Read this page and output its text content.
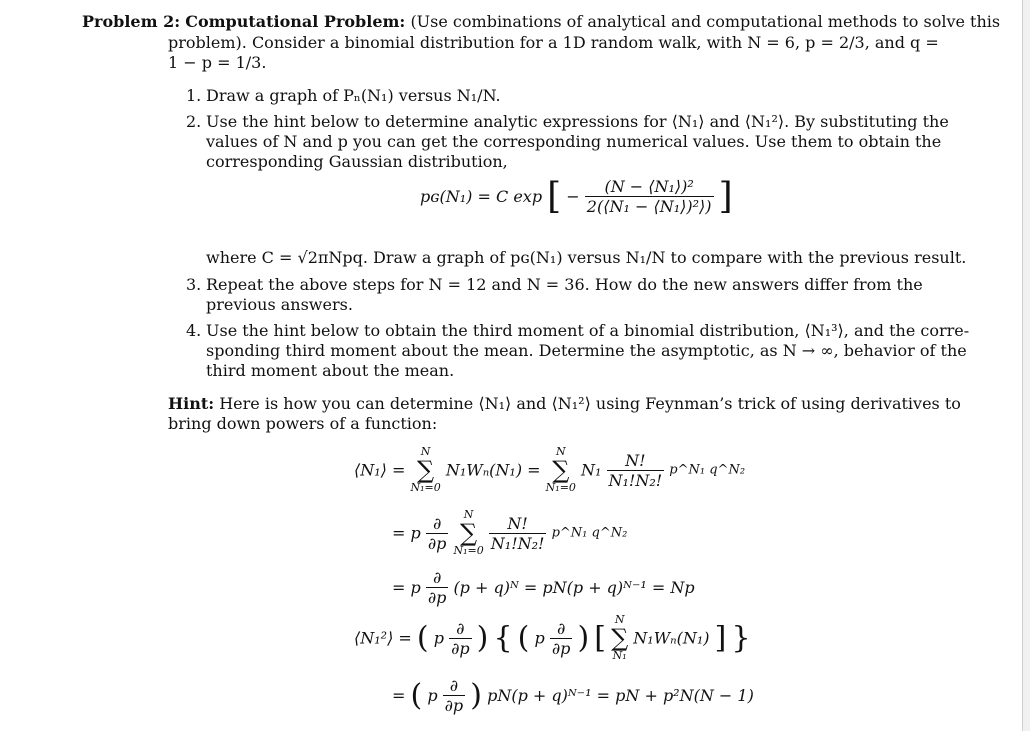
Problem 2: Computational Problem: (Use combinations of analytical and computational methods to solve this
problem). Consider a binomial distribution for a 1D random walk, with N = 6, p = 2/3, and q =
1 − p = 1/3.
1. Draw a graph of Pₙ(N₁) versus N₁/N.
2. Use the hint below to determine analytic expressions for ⟨N₁⟩ and ⟨N₁²⟩. By substituting the
values of N and p you can get the corresponding numerical values. Use them to obtain the
corresponding Gaussian distribution,
pɢ(N₁) = C exp [ − $\frac{\text{(N − ⟨N₁⟩)²}}{\text{2(⟨N₁ − ⟨N₁⟩)²⟩)}}$ ]
where C = √2πNpq. Draw a graph of pɢ(N₁) versus N₁/N to compare with the previous result.
3. Repeat the above steps for N = 12 and N = 36. How do the new answers differ from the
previous answers.
4. Use the hint below to obtain the third moment of a binomial distribution, ⟨N₁³⟩, and the corre-
sponding third moment about the mean. Determine the asymptotic, as N → ∞, behavior of the
third moment about the mean.
Hint: Here is how you can determine ⟨N₁⟩ and ⟨N₁²⟩ using Feynman’s trick of using derivatives to
bring down powers of a function:
⟨N₁⟩ = N
∑
N₁=0 N₁Wₙ(N₁) = N
∑
N₁=0 $N_1 \frac{N!}{\text{N₁!N₂!}}$ p^N₁ q^N₂
= p $\frac{\partial}{\partial p}$ N
∑
$N_1=0 \frac{N!}{\text{N₁!N₂!}}$ p^N₁ q^N₂
= p $\frac{\partial}{\partial p} (p$ + q)ᴺ = pN(p + q)ᴺ⁻¹ = Np
⟨N₁²⟩ = ( p $\frac{\partial}{\partial p}$ ) { ( p $\frac{\partial}{\partial p}$ ) [ N
∑
N₁ N₁Wₙ(N₁) ] }
= ( p $\frac{\partial}{\partial p}$ ) pN(p + q)ᴺ⁻¹ = pN + p²N(N − 1)
